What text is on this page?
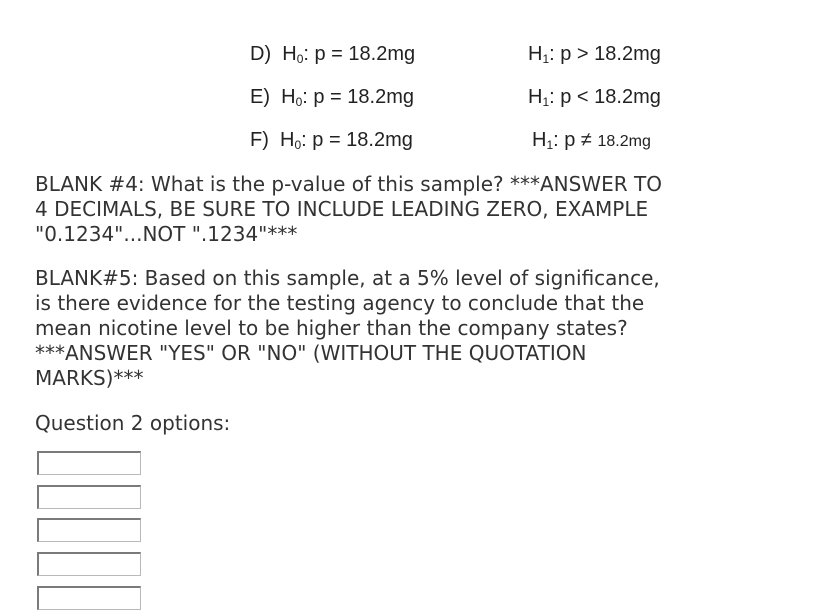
D) $H_0$: p = 18.2mg	$H_1$: p > 18.2mg
E) $H_0$: p = 18.2mg	$H_1$: p < 18.2mg
F) $H_0$: p = 18.2mg	$H_1$: p ≠ 18.2mg

BLANK #4: What is the p-value of this sample? ***ANSWER TO

4 DECIMALS, BE SURE TO INCLUDE LEADING ZERO, EXAMPLE

"0.1234"...NOT ".1234"***

BLANK#5: Based on this sample, at a 5% level of significance,

is there evidence for the testing agency to conclude that the

mean nicotine level to be higher than the company states?

***ANSWER "YES" OR "NO" (WITHOUT THE QUOTATION

MARKS)***

Question 2 options:
